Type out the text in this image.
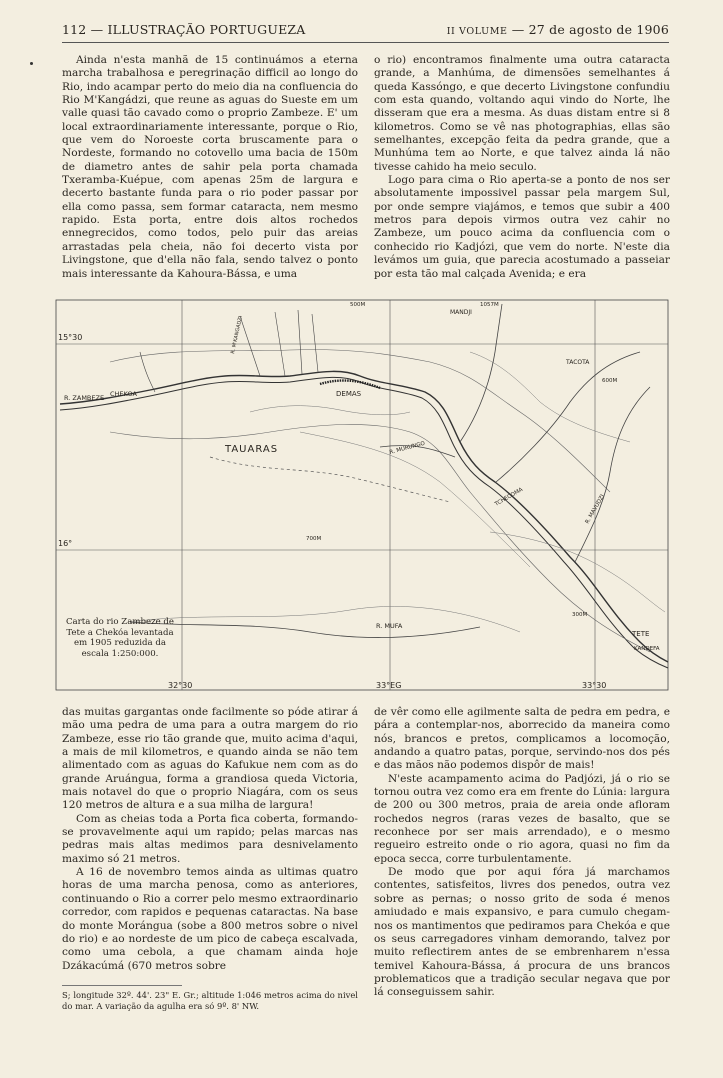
112 — ILLUSTRAÇÃO PORTUGUEZA	II VOLUME — 27 de agosto de 1906

Ainda n'esta manhã de 15 continuámos a eterna marcha trabalhosa e peregrinação difficil ao longo do Rio, indo acampar perto do meio dia na confluencia do Rio M'Kangádzi, que reune as aguas do Sueste em um valle quasi tão cavado como o proprio Zambeze. E' um local extraordinariamente interessante, porque o Rio, que vem do Noroeste corta bruscamente para o Nordeste, formando no cotovello uma bacia de 150m de diametro antes de sahir pela porta chamada Txeramba-Kuépue, com apenas 25m de largura e decerto bastante funda para o rio poder passar por ella como passa, sem formar cataracta, nem mesmo rapido. Esta porta, entre dois altos rochedos ennegrecidos, como todos, pelo puir das areias arrastadas pela cheia, não foi decerto vista por Livingstone, que d'ella não fala, sendo talvez o ponto mais interessante da Kahoura-Bássa, e uma

o rio) encontramos finalmente uma outra cataracta grande, a Manhúma, de dimensões semelhantes á queda Kassóngo, e que decerto Livingstone confundiu com esta quando, voltando aqui vindo do Norte, lhe disseram que era a mesma. As duas distam entre si 8 kilometros. Como se vê nas photographias, ellas são semelhantes, excepção feita da pedra grande, que a Munhúma tem ao Norte, e que talvez ainda lá não tivesse cahido ha meio seculo.

Logo para cima o Rio aperta-se a ponto de nos ser absolutamente impossivel passar pela margem Sul, por onde sempre viajámos, e temos que subir a 400 metros para depois virmos outra vez cahir no Zambeze, um pouco acima da confluencia com o conhecido rio Kadjózi, que vem do norte. N'este dia levámos um guia, que parecia acostumado a passeiar por esta tão mal calçada Avenida; e era

15°30
16°
32°30	33°EG	33°30
R. ZAMBEZE CHEKOA
TAUARAS
DEMAS
MANDJI
1057M
TACOTA
R. MUFA
TETE
KANDEFA
TCHECOMA	R. MAVUDZI
R. MURUNGO
R. M'KANGADZI
500M
700M
600M
300M
Carta do rio Zambeze de Tete a Chekóa levantada em 1905 reduzida da escala 1:250:000.

das muitas gargantas onde facilmente so póde atirar á mão uma pedra de uma para a outra margem do rio Zambeze, esse rio tão grande que, muito acima d'aqui, a mais de mil kilometros, e quando ainda se não tem alimentado com as aguas do Kafukue nem com as do grande Aruángua, forma a grandiosa queda Victoria, mais notavel do que o proprio Niagára, com os seus 120 metros de altura e a sua milha de largura!

Com as cheias toda a Porta fica coberta, formando-se provavelmente aqui um rapido; pelas marcas nas pedras mais altas medimos para desnivelamento maximo só 21 metros.

A 16 de novembro temos ainda as ultimas quatro horas de uma marcha penosa, como as anteriores, continuando o Rio a correr pelo mesmo extraordinario corredor, com rapidos e pequenas cataractas. Na base do monte Morángua (sobe a 800 metros sobre o nivel do rio) e ao nordeste de um pico de cabeça escalvada, como uma cebola, a que chamam ainda hoje Dzákacúmá (670 metros sobre

de vêr como elle agilmente salta de pedra em pedra, e pára a contemplar-nos, aborrecido da maneira como nós, brancos e pretos, complicamos a locomoção, andando a quatro patas, porque, servindo-nos dos pés e das mãos não podemos dispôr de mais!

N'este acampamento acima do Padjózi, já o rio se tornou outra vez como era em frente do Lúnia: largura de 200 ou 300 metros, praia de areia onde afloram rochedos negros (raras vezes de basalto, que se reconhece por ser mais arrendado), e o mesmo regueiro estreito onde o rio agora, quasi no fim da epoca secca, corre turbulentamente.

De modo que por aqui fóra já marchamos contentes, satisfeitos, livres dos penedos, outra vez sobre as pernas; o nosso grito de soda é menos amiudado e mais expansivo, e para cumulo chegam-nos os mantimentos que pediramos para Chekóa e que os seus carregadores vinham demorando, talvez por muito reflectirem antes de se embrenharem n'essa temivel Kahoura-Bássa, á procura de uns brancos problematicos que a tradição secular negava que por lá conseguissem sahir.

S; longitude 32º. 44'. 23" E. Gr.; altitude 1:046 metros acima do nivel do mar. A variação da agulha era só 9º. 8' NW.
